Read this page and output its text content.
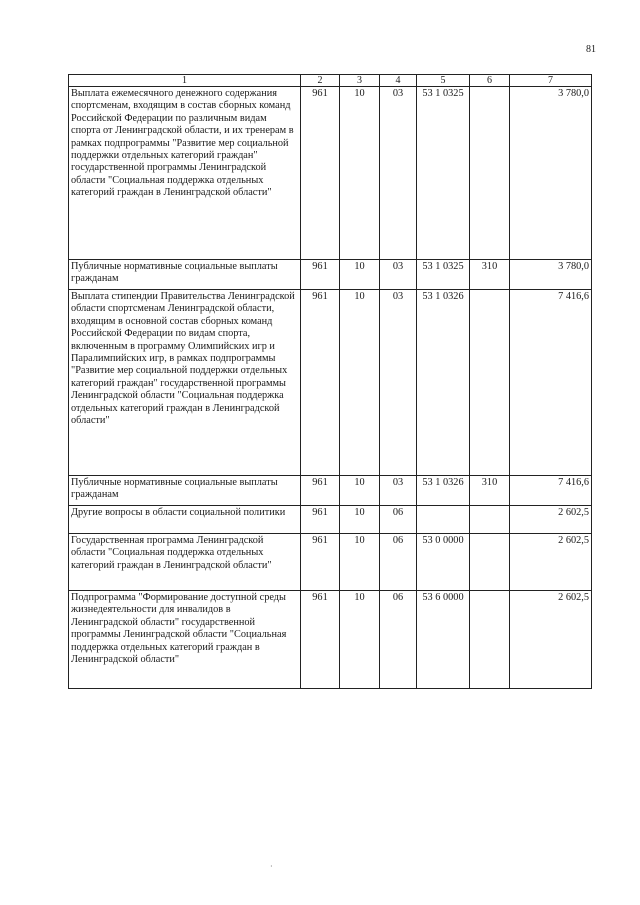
81
1	2	3	4	5	6	7
Выплата ежемесячного денежного содержания спортсменам, входящим в состав сборных команд Российской Федерации по различным видам спорта от Ленинградской области, и их тренерам в рамках подпрограммы "Развитие мер социальной поддержки отдельных категорий граждан" государственной программы Ленинградской области "Социальная поддержка отдельных категорий граждан в Ленинградской области"	961	10	03	53 1 0325		3 780,0
Публичные нормативные социальные выплаты гражданам	961	10	03	53 1 0325	310	3 780,0
Выплата стипендии Правительства Ленинградской области спортсменам Ленинградской области, входящим в основной состав сборных команд Российской Федерации по видам спорта, включенным в программу Олимпийских игр и Паралимпийских игр, в рамках подпрограммы "Развитие мер социальной поддержки отдельных категорий граждан" государственной программы Ленинградской области "Социальная поддержка отдельных категорий граждан в Ленинградской области"	961	10	03	53 1 0326		7 416,6
Публичные нормативные социальные выплаты гражданам	961	10	03	53 1 0326	310	7 416,6
Другие вопросы в области социальной политики	961	10	06			2 602,5
Государственная программа Ленинградской области "Социальная поддержка отдельных категорий граждан в Ленинградской области"	961	10	06	53 0 0000		2 602,5
Подпрограмма "Формирование доступной среды жизнедеятельности для инвалидов в Ленинградской области" государственной программы Ленинградской области "Социальная поддержка отдельных категорий граждан в Ленинградской области"	961	10	06	53 6 0000		2 602,5
·
